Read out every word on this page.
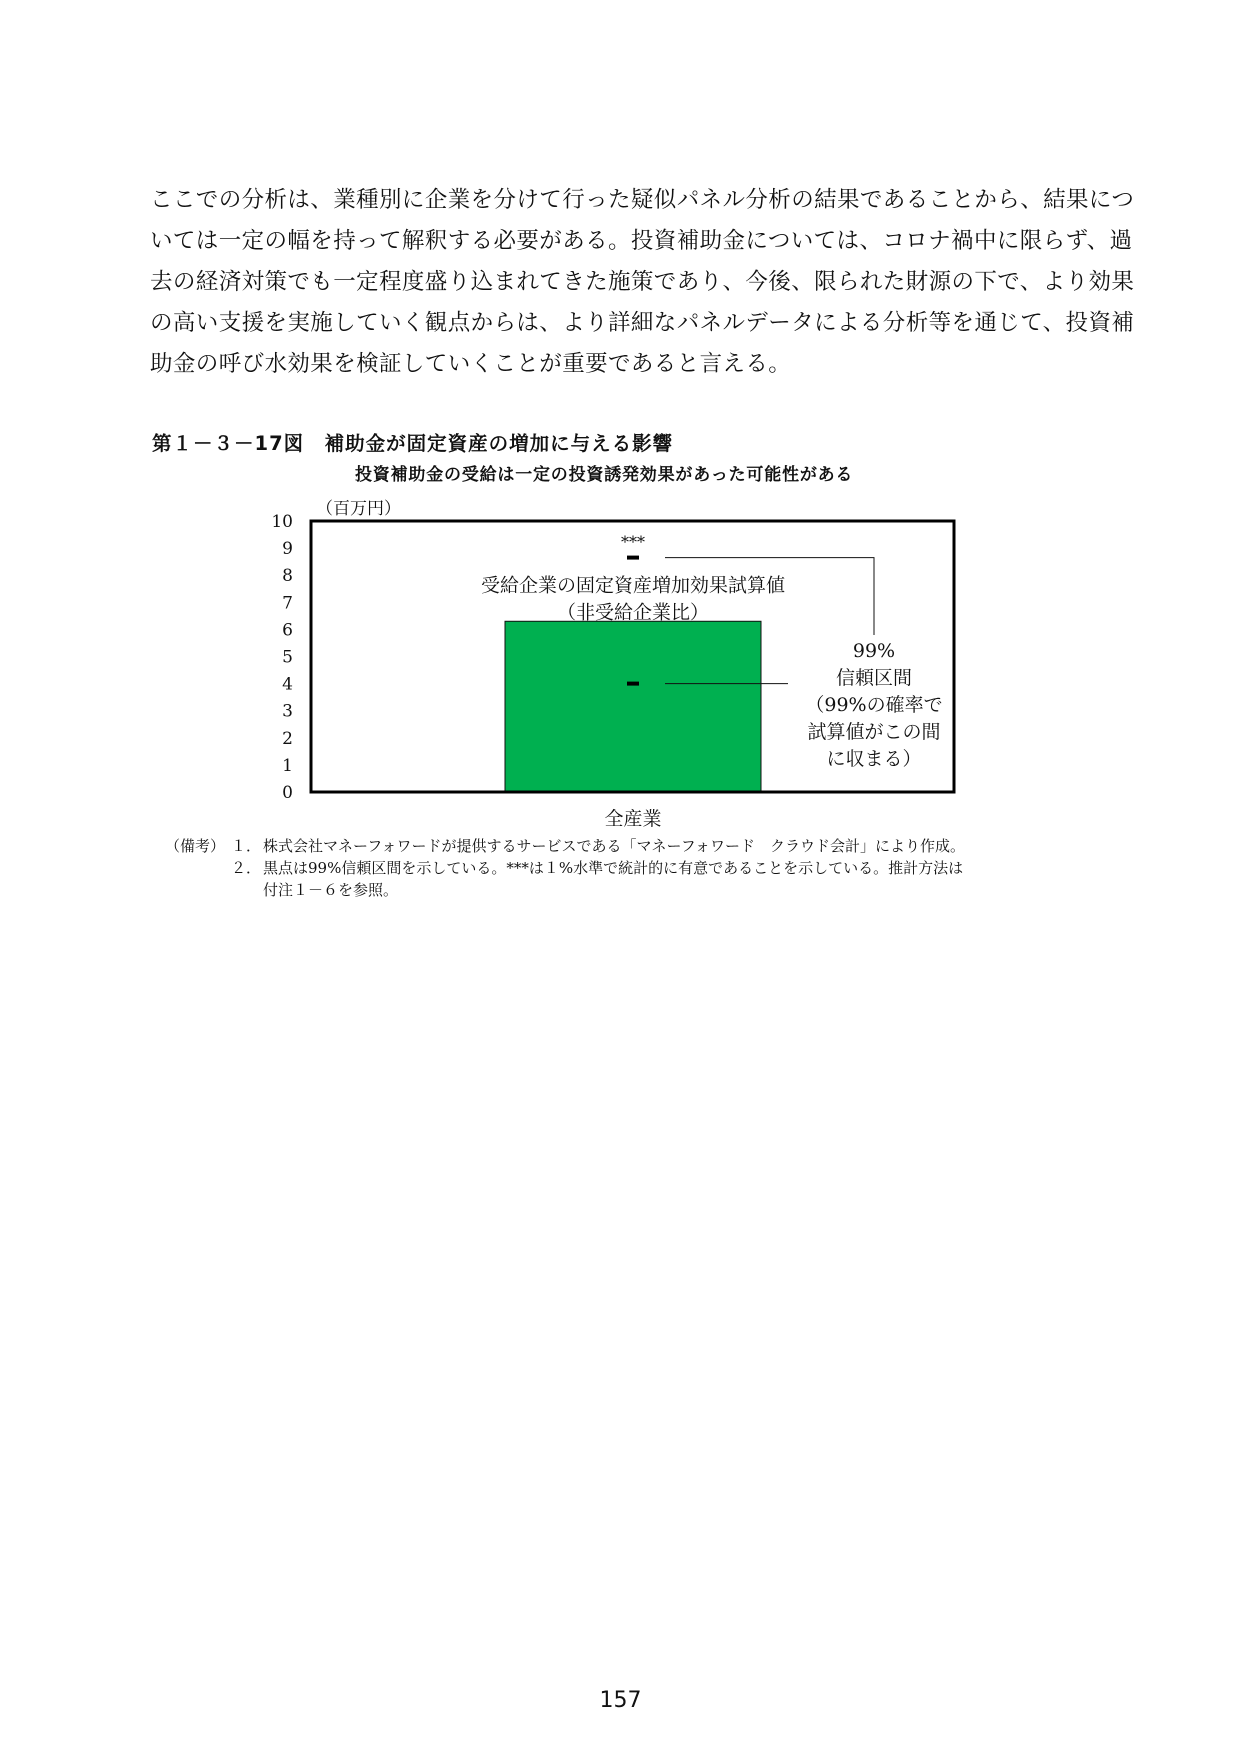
ここでの分析は、業種別に企業を分けて行った疑似パネル分析の結果であることから、結果につ

いては一定の幅を持って解釈する必要がある。投資補助金については、コロナ禍中に限らず、過

去の経済対策でも一定程度盛り込まれてきた施策であり、今後、限られた財源の下で、より効果

の高い支援を実施していく観点からは、より詳細なパネルデータによる分析等を通じて、投資補

助金の呼び水効果を検証していくことが重要であると言える。

第１－３－17図　補助金が固定資産の増加に与える影響
投資補助金の受給は一定の投資誘発効果があった可能性がある
（百万円）
0
1
2
3
4
5
6
7
8
9
10
***
受給企業の固定資産増加効果試算値
（非受給企業比）
99%
信頼区間
（99%の確率で
試算値がこの間
に収まる）
全産業
（備考） １． 株式会社マネーフォワードが提供するサービスである「マネーフォワード　クラウド会計」により作成。
２． 黒点は99%信頼区間を示している。***は１%水準で統計的に有意であることを示している。推計方法は
付注１－６を参照。
157
